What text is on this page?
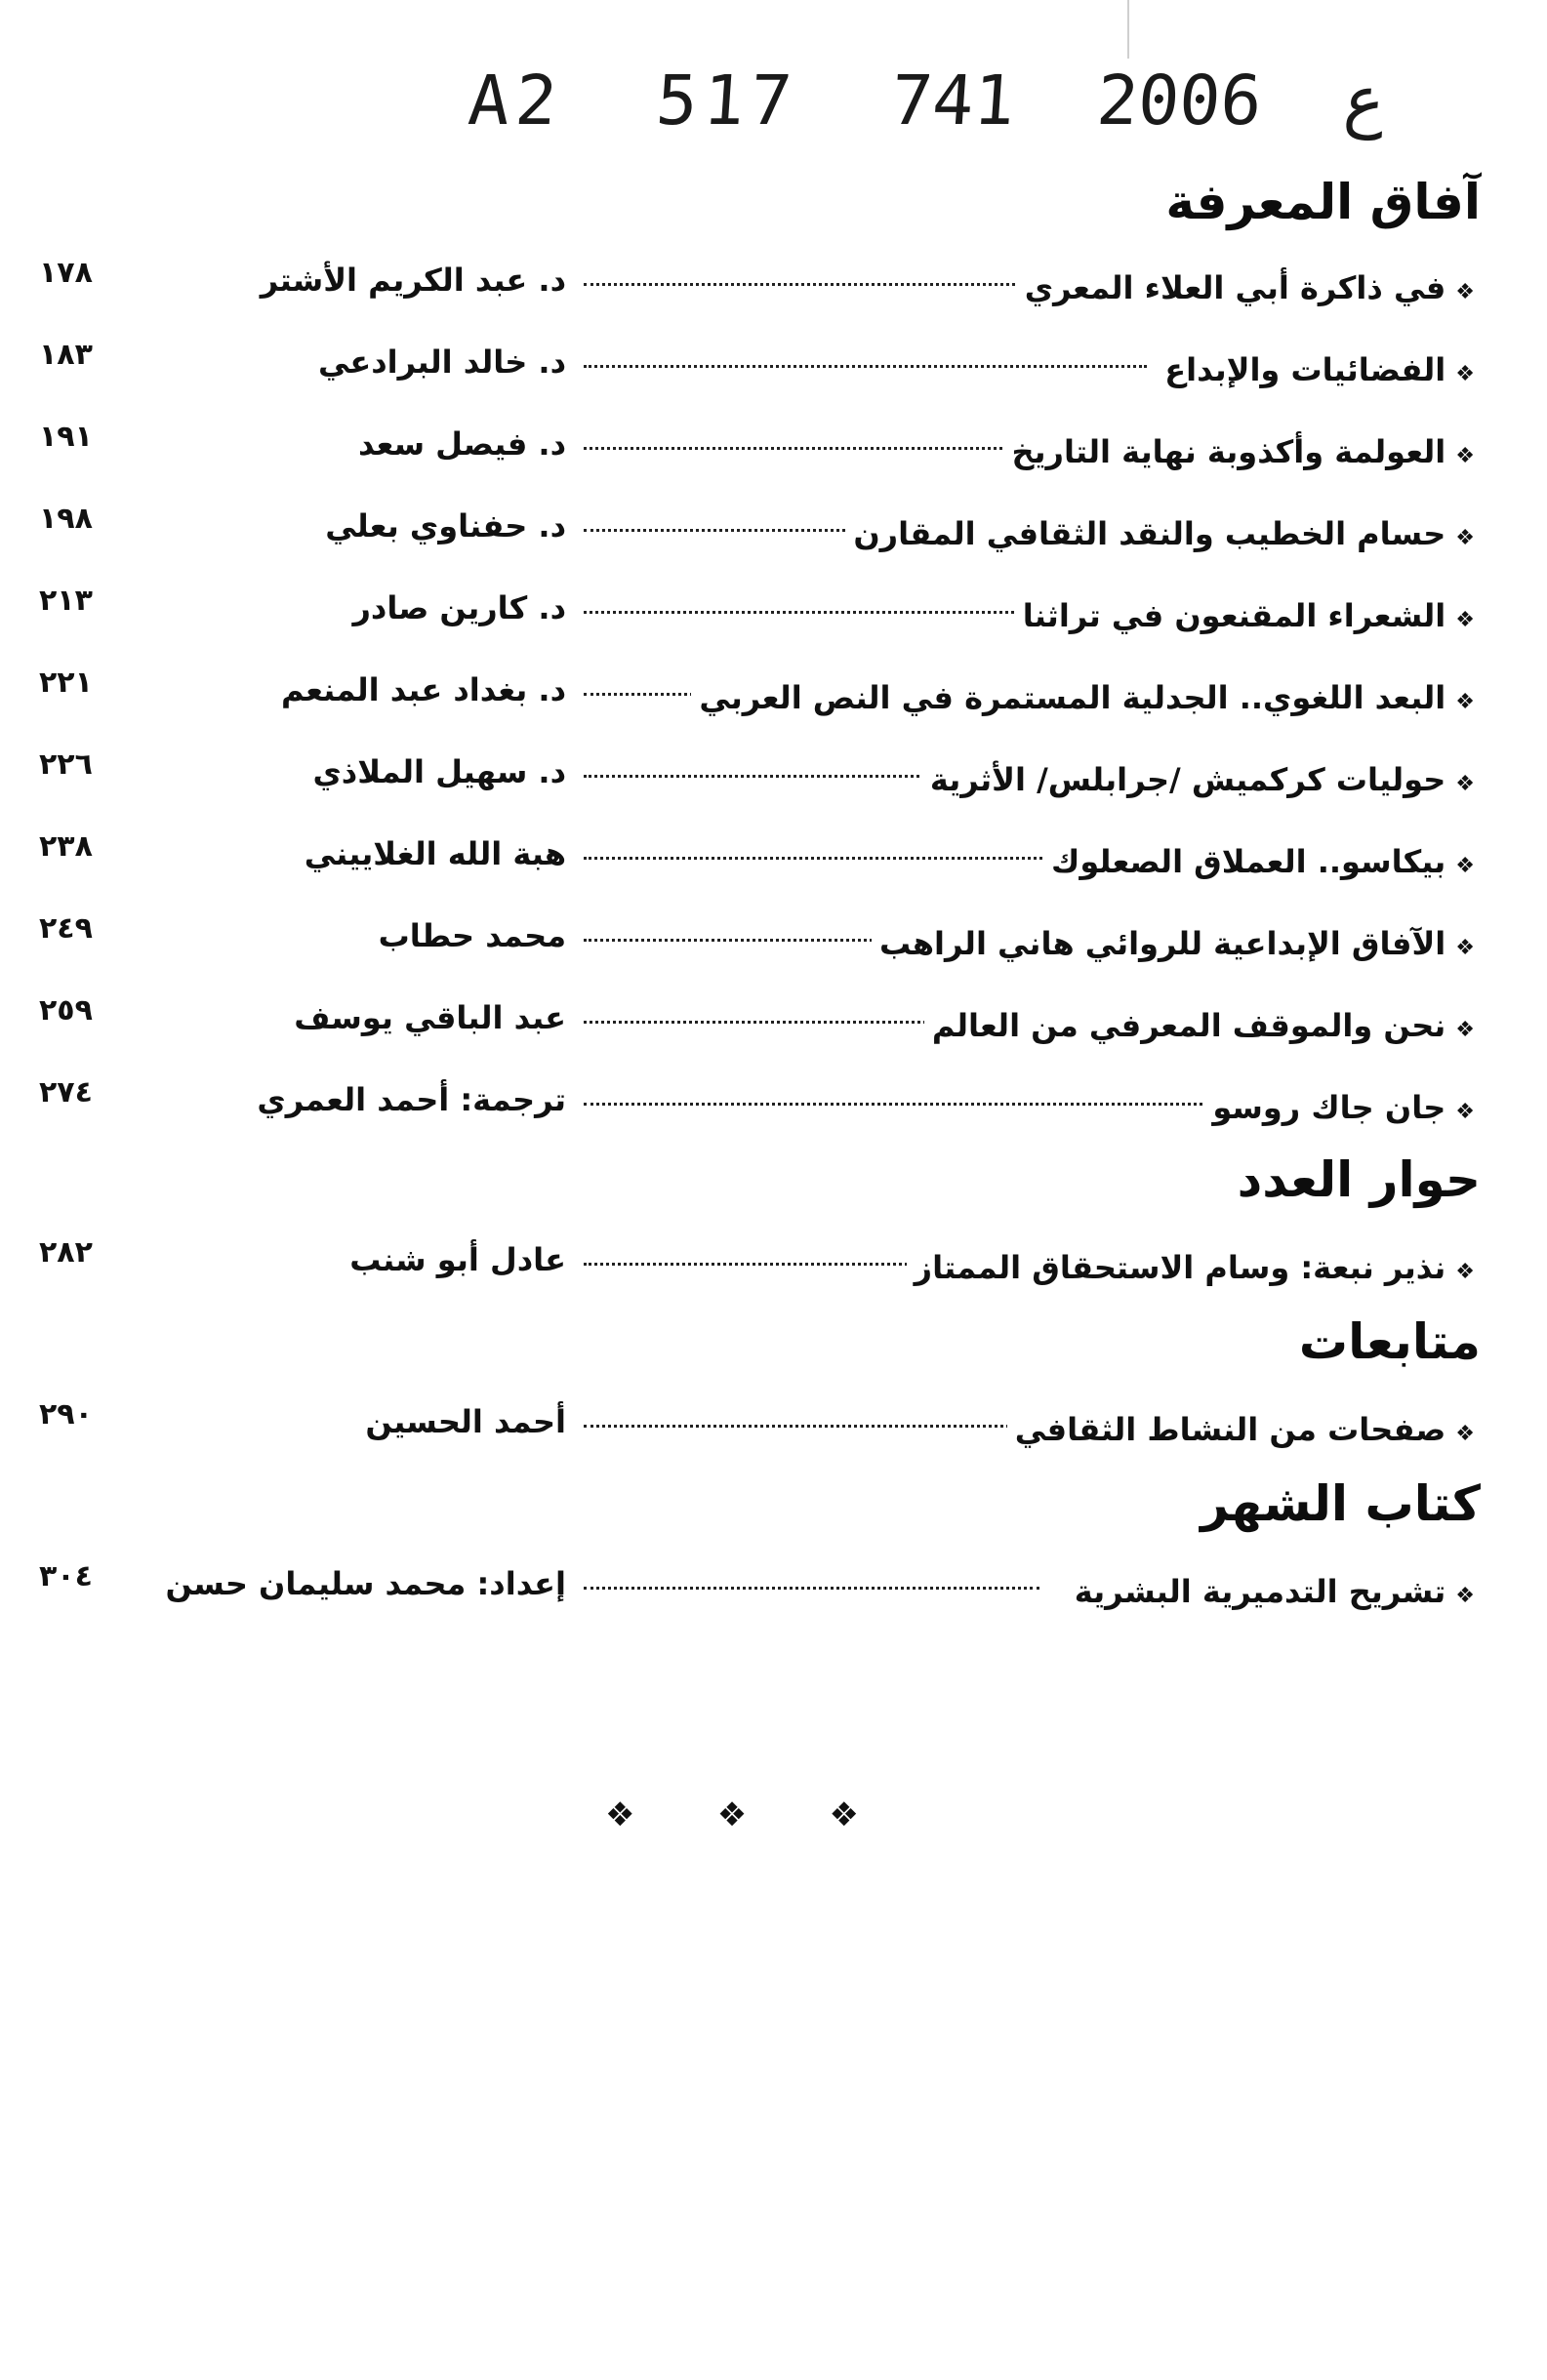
A2  517  ع  2006  741
آفاق المعرفة
١٧٨	د. عبد الكريم الأشتر	❖في ذاكرة أبي العلاء المعري
١٨٣	د. خالد البرادعي	❖الفضائيات والإبداع
١٩١	د. فيصل سعد	❖العولمة وأكذوبة نهاية التاريخ
١٩٨	د. حفناوي بعلي	❖حسام الخطيب والنقد الثقافي المقارن
٢١٣	د. كارين صادر	❖الشعراء المقنعون في تراثنا
٢٢١	د. بغداد عبد المنعم	❖البعد اللغوي.. الجدلية المستمرة في النص العربي
٢٢٦	د. سهيل الملاذي	❖حوليات كركميش /جرابلس/ الأثرية
٢٣٨	هبة الله الغلاييني	❖بيكاسو.. العملاق الصعلوك
٢٤٩	محمد حطاب	❖الآفاق الإبداعية للروائي هاني الراهب
٢٥٩	عبد الباقي يوسف	❖نحن والموقف المعرفي من العالم
٢٧٤	ترجمة: أحمد العمري	❖جان جاك روسو
حوار العدد
٢٨٢	عادل أبو شنب	❖نذير نبعة: وسام الاستحقاق الممتاز
متابعات
٢٩٠	أحمد الحسين	❖صفحات من النشاط الثقافي
كتاب الشهر
٣٠٤	إعداد: محمد سليمان حسن	❖تشريح التدميرية البشرية
❖ ❖ ❖
